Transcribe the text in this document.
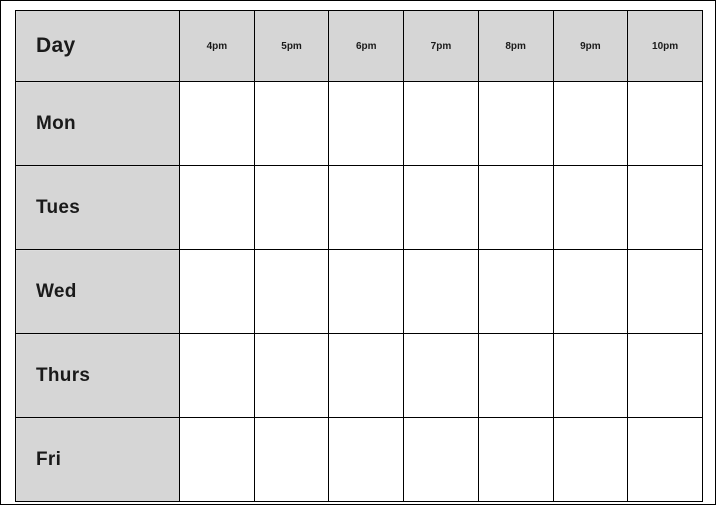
Day	4pm	5pm	6pm	7pm	8pm	9pm	10pm
Mon							
Tues							
Wed							
Thurs							
Fri							
